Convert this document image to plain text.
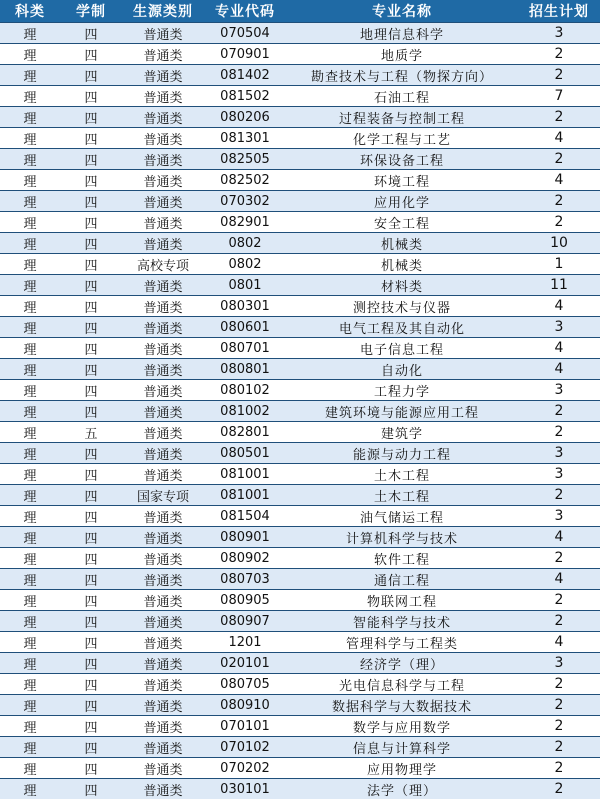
科类	学制	生源类别	专业代码	专业名称	招生计划
理	四	普通类	070504	地理信息科学	3
理	四	普通类	070901	地质学	2
理	四	普通类	081402	勘查技术与工程（物探方向）	2
理	四	普通类	081502	石油工程	7
理	四	普通类	080206	过程装备与控制工程	2
理	四	普通类	081301	化学工程与工艺	4
理	四	普通类	082505	环保设备工程	2
理	四	普通类	082502	环境工程	4
理	四	普通类	070302	应用化学	2
理	四	普通类	082901	安全工程	2
理	四	普通类	0802	机械类	10
理	四	高校专项	0802	机械类	1
理	四	普通类	0801	材料类	11
理	四	普通类	080301	测控技术与仪器	4
理	四	普通类	080601	电气工程及其自动化	3
理	四	普通类	080701	电子信息工程	4
理	四	普通类	080801	自动化	4
理	四	普通类	080102	工程力学	3
理	四	普通类	081002	建筑环境与能源应用工程	2
理	五	普通类	082801	建筑学	2
理	四	普通类	080501	能源与动力工程	3
理	四	普通类	081001	土木工程	3
理	四	国家专项	081001	土木工程	2
理	四	普通类	081504	油气储运工程	3
理	四	普通类	080901	计算机科学与技术	4
理	四	普通类	080902	软件工程	2
理	四	普通类	080703	通信工程	4
理	四	普通类	080905	物联网工程	2
理	四	普通类	080907	智能科学与技术	2
理	四	普通类	1201	管理科学与工程类	4
理	四	普通类	020101	经济学（理）	3
理	四	普通类	080705	光电信息科学与工程	2
理	四	普通类	080910	数据科学与大数据技术	2
理	四	普通类	070101	数学与应用数学	2
理	四	普通类	070102	信息与计算科学	2
理	四	普通类	070202	应用物理学	2
理	四	普通类	030101	法学（理）	2
